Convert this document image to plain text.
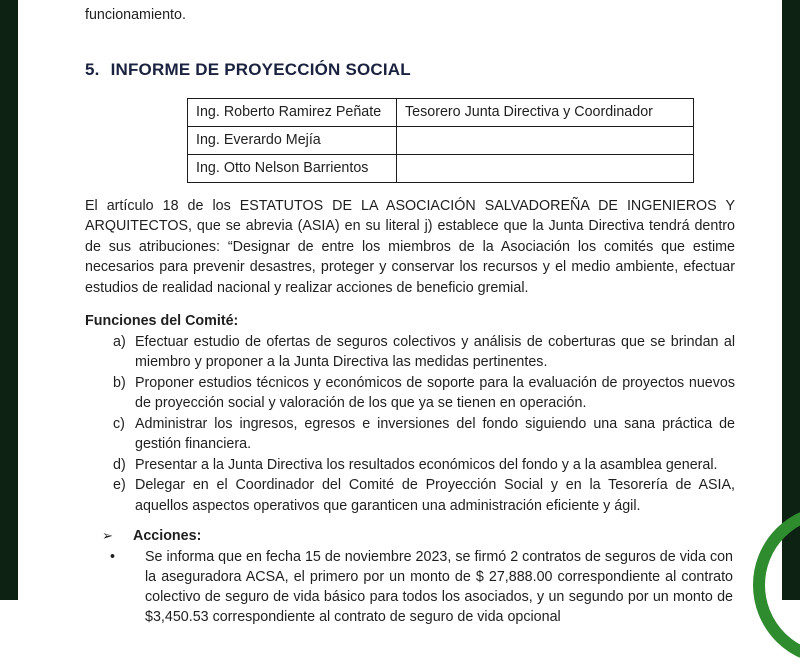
funcionamiento.

5. INFORME DE PROYECCIÓN SOCIAL
Ing. Roberto Ramirez Peñate	Tesorero Junta Directiva y Coordinador
Ing. Everardo Mejía	
Ing. Otto Nelson Barrientos	

El artículo 18 de los ESTATUTOS DE LA ASOCIACIÓN SALVADOREÑA DE INGENIEROS Y ARQUITECTOS, que se abrevia (ASIA) en su literal j) establece que la Junta Directiva tendrá dentro de sus atribuciones: “Designar de entre los miembros de la Asociación los comités que estime necesarios para prevenir desastres, proteger y conservar los recursos y el medio ambiente, efectuar estudios de realidad nacional y realizar acciones de beneficio gremial.

Funciones del Comité:

a) Efectuar estudio de ofertas de seguros colectivos y análisis de coberturas que se brindan al miembro y proponer a la Junta Directiva las medidas pertinentes.
b) Proponer estudios técnicos y económicos de soporte para la evaluación de proyectos nuevos de proyección social y valoración de los que ya se tienen en operación.
c) Administrar los ingresos, egresos e inversiones del fondo siguiendo una sana práctica de gestión financiera.
d) Presentar a la Junta Directiva los resultados económicos del fondo y a la asamblea general.
e) Delegar en el Coordinador del Comité de Proyección Social y en la Tesorería de ASIA, aquellos aspectos operativos que garanticen una administración eficiente y ágil.
➢	Acciones:
•	Se informa que en fecha 15 de noviembre 2023, se firmó 2 contratos de seguros de vida con la aseguradora ACSA, el primero por un monto de $ 27,888.00 correspondiente al contrato colectivo de seguro de vida básico para todos los asociados, y un segundo por un monto de $3,450.53 correspondiente al contrato de seguro de vida opcional
